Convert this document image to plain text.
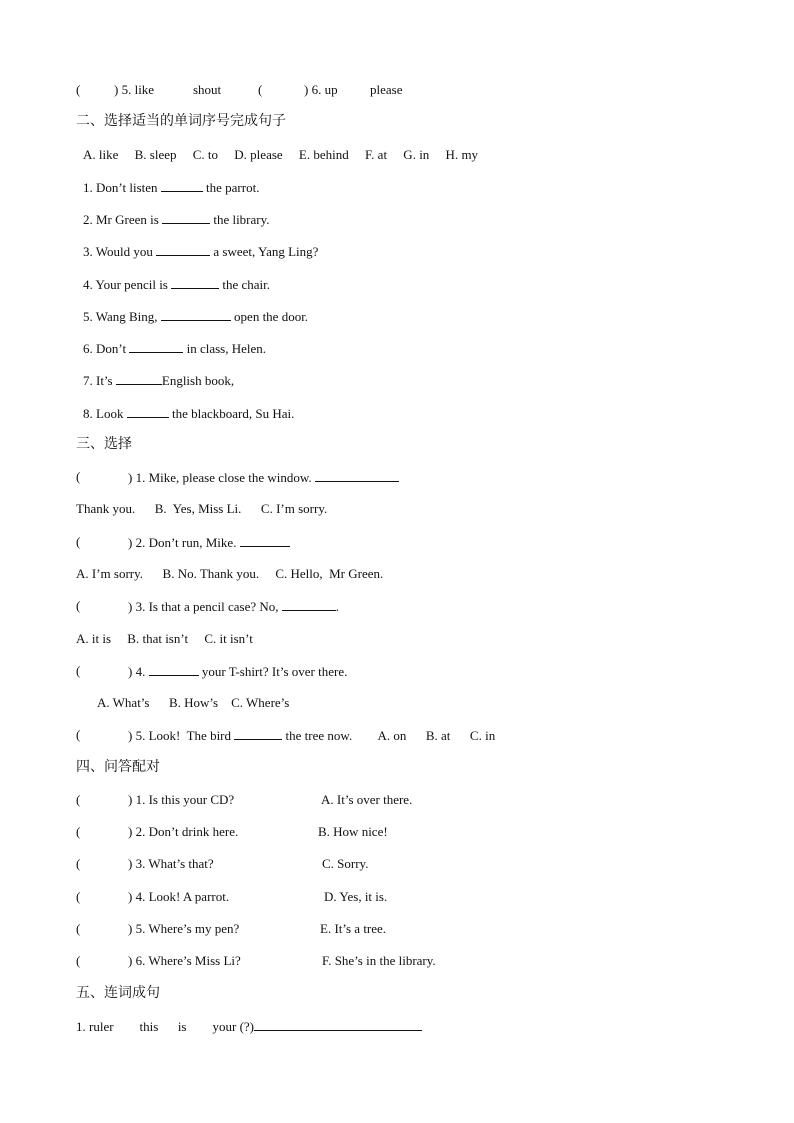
(	) 5. like	shout	(	) 6. up please
二、选择适当的单词序号完成句子
A. like     B. sleep     C. to     D. please     E. behind     F. at     G. in     H. my
1. Don’t listen	the parrot.
2. Mr Green is	the library.
3. Would you	a sweet, Yang Ling?
4. Your pencil is	the chair.
5. Wang Bing,	open the door.
6. Don’t	in class, Helen.
7. It’s	English book,
8. Look	the blackboard, Su Hai.
三、选择
(	) 1. Mike, please close the window.
Thank you.      B.  Yes, Miss Li.      C. I’m sorry.
(	) 2. Don’t run, Mike.
A. I’m sorry.      B. No. Thank you.     C. Hello,  Mr Green.
(	) 3. Is that a pencil case? No,	.
A. it is     B. that isn’t     C. it isn’t
(	) 4.	your T-shirt? It’s over there.
A. What’s      B. How’s    C. Where’s
(	) 5. Look!  The bird	the tree now.        A. on      B. at      C. in
四、问答配对
(	) 1. Is this your CD?	A. It’s over there.
(	) 2. Don’t drink here.	B. How nice!
(	) 3. What’s that?	C. Sorry.
(	) 4. Look! A parrot.	D. Yes, it is.
(	) 5. Where’s my pen?	E. It’s a tree.
(	) 6. Where’s Miss Li?	F. She’s in the library.
五、连词成句
1. ruler        this      is        your (?)
